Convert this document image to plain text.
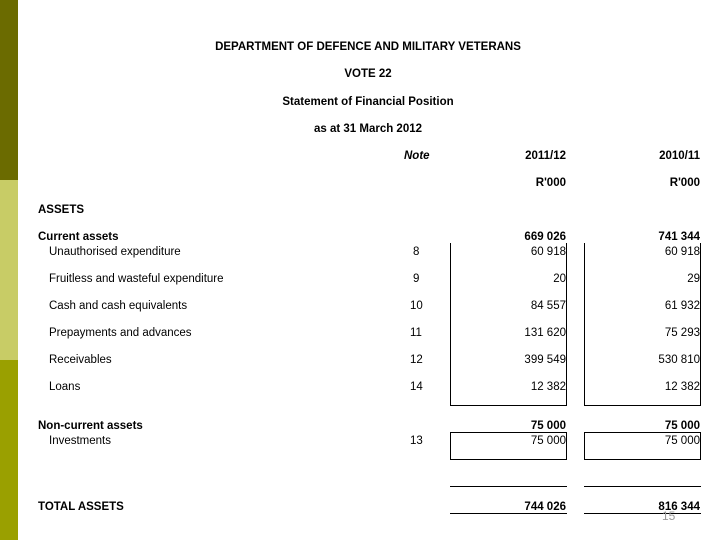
DEPARTMENT OF DEFENCE AND MILITARY VETERANS
VOTE 22
Statement of Financial Position
as at 31 March 2012
Note	2011/12	2010/11
R'000	R'000
ASSETS
Current assets	669 026	741 344
Unauthorised expenditure	8	60 918	60 918
Fruitless and wasteful expenditure	9	20	29
Cash and cash equivalents	10	84 557	61 932
Prepayments and advances	11	131 620	75 293
Receivables	12	399 549	530 810
Loans	14	12 382	12 382
Non-current assets	75 000	75 000
Investments	13	75 000	75 000
TOTAL ASSETS	744 026	816 344
15
